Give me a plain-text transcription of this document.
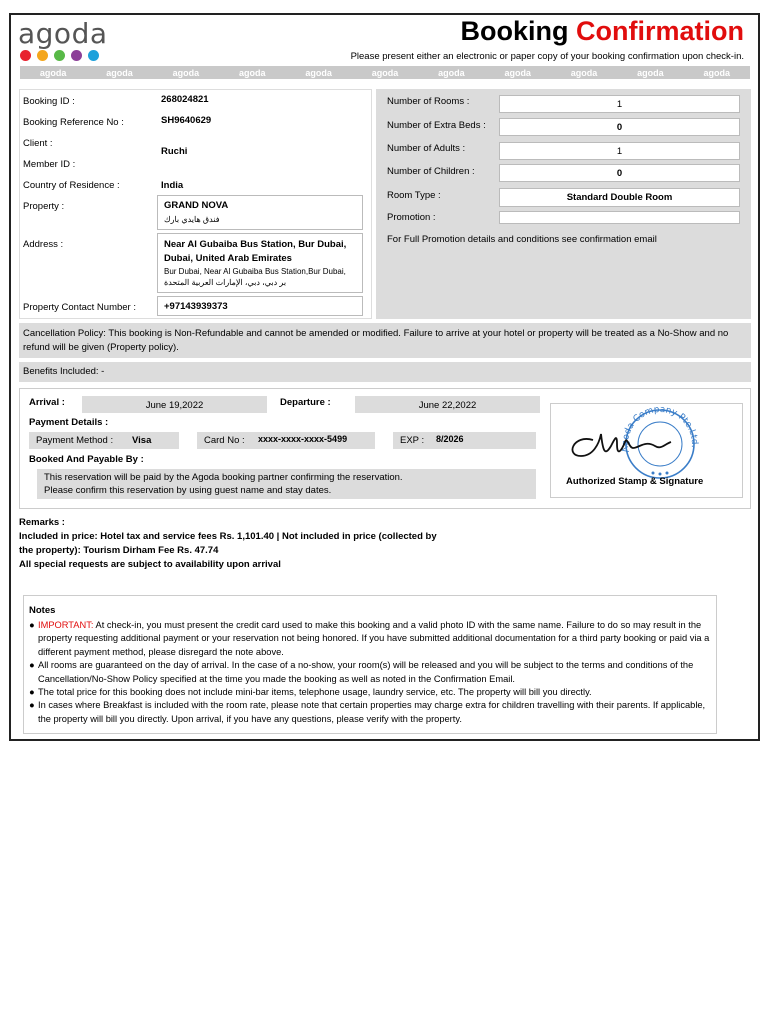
agoda	Booking Confirmation
Please present either an electronic or paper copy of your booking confirmation upon check-in.
agoda	agoda	agoda	agoda	agoda	agoda	agoda	agoda	agoda	agoda	agoda
Booking ID :	268024821
Booking Reference No :	SH9640629
Client :
Ruchi
Member ID :
Country of Residence :	India
Property :	GRAND NOVA
فندق هايدي بارك
Address :	Near Al Gubaiba Bus Station, Bur Dubai, Dubai, United Arab Emirates
Bur Dubai, Near Al Gubaiba Bus Station,Bur Dubai,
بر دبي، دبي، الإمارات العربية المتحدة
Property Contact Number :	+97143939373
Number of Rooms :	1
Number of Extra Beds :	0
Number of Adults :	1
Number of Children :	0
Room Type :	Standard Double Room
Promotion :
For Full Promotion details and conditions see confirmation email
Cancellation Policy: This booking is Non-Refundable and cannot be amended or modified. Failure to arrive at your hotel or property will be treated as a No-Show and no refund will be given (Property policy).
Benefits Included: -
Arrival :	June 19,2022	Departure :	June 22,2022
Payment Details :
Payment Method : Visa	Card No : xxxx-xxxx-xxxx-5499	EXP : 8/2026
Booked And Payable By :
This reservation will be paid by the Agoda booking partner confirming the reservation.
Please confirm this reservation by using guest name and stay dates.
Agoda Company Pte.Ltd.
Authorized Stamp & Signature
Remarks :
Included in price: Hotel tax and service fees Rs. 1,101.40 | Not included in price (collected by
the property): Tourism Dirham Fee Rs. 47.74
All special requests are subject to availability upon arrival
Notes
● IMPORTANT: At check-in, you must present the credit card used to make this booking and a valid photo ID with the same name. Failure to do so may result in the property requesting additional payment or your reservation not being honored. If you have submitted additional documentation for a third party booking or paid via a different payment method, please disregard the note above.
● All rooms are guaranteed on the day of arrival. In the case of a no-show, your room(s) will be released and you will be subject to the terms and conditions of the Cancellation/No-Show Policy specified at the time you made the booking as well as noted in the Confirmation Email.
● The total price for this booking does not include mini-bar items, telephone usage, laundry service, etc. The property will bill you directly.
● In cases where Breakfast is included with the room rate, please note that certain properties may charge extra for children travelling with their parents. If applicable, the property will bill you directly. Upon arrival, if you have any questions, please verify with the property.
